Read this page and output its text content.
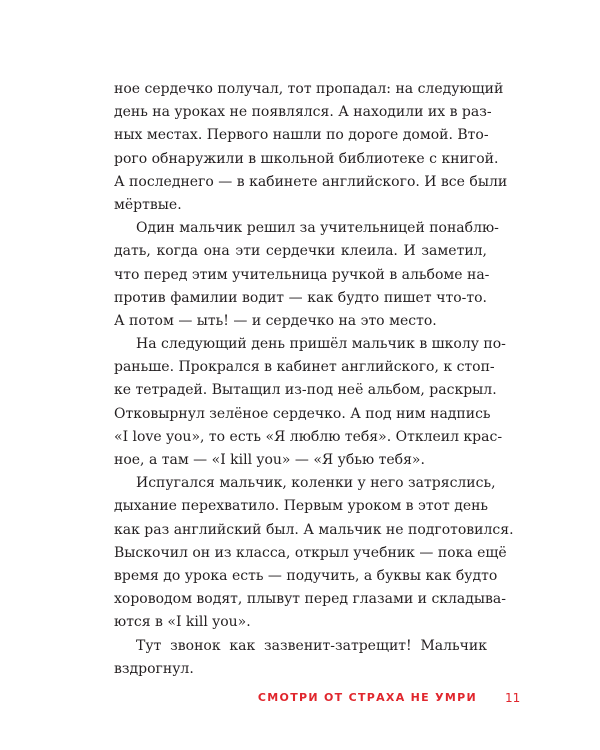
ное сердечко получал, тот пропадал: на следующий
день на уроках не появлялся. А находили их в раз-
ных местах. Первого нашли по дороге домой. Вто-
рого обнаружили в школьной библиотеке с книгой.
А последнего — в кабинете английского. И все были
мёртвые.
Один мальчик решил за учительницей понаблю-
дать, когда она эти сердечки клеила. И заметил,
что перед этим учительница ручкой в альбоме на-
против фамилии водит — как будто пишет что-то.
А потом — ыть! — и сердечко на это место.
На следующий день пришёл мальчик в школу по-
раньше. Прокрался в кабинет английского, к стоп-
ке тетрадей. Вытащил из-под неё альбом, раскрыл.
Отковырнул зелёное сердечко. А под ним надпись
«I love you», то есть «Я люблю тебя». Отклеил крас-
ное, а там — «I kill you» — «Я убью тебя».
Испугался мальчик, коленки у него затряслись,
дыхание перехватило. Первым уроком в этот день
как раз английский был. А мальчик не подготовился.
Выскочил он из класса, открыл учебник — пока ещё
время до урока есть — подучить, а буквы как будто
хороводом водят, плывут перед глазами и складыва-
ются в «I kill you».
Тут звонок как зазвенит-затрещит! Мальчик
вздрогнул.
СМОТРИ ОТ СТРАХА НЕ УМРИ 11
